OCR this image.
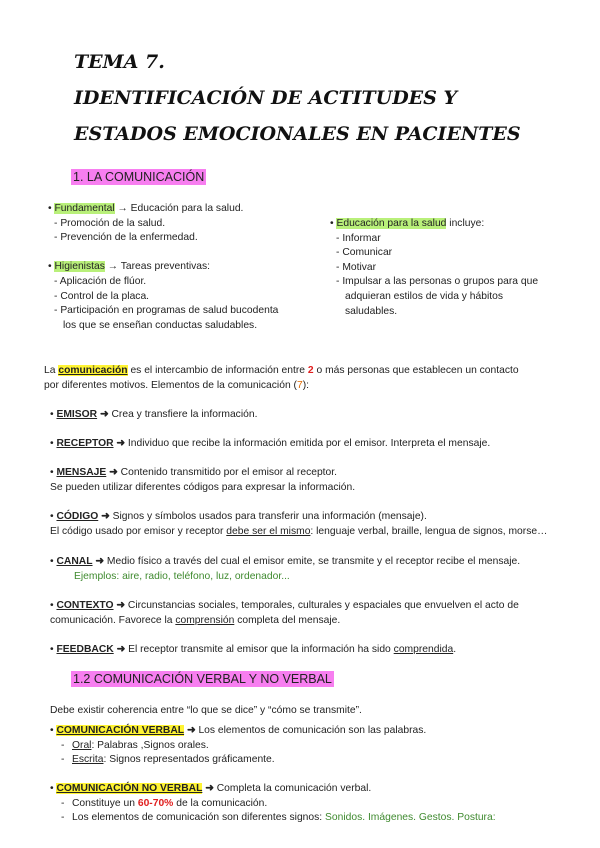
TEMA 7.
IDENTIFICACIÓN DE ACTITUDES Y
ESTADOS EMOCIONALES EN PACIENTES
1. LA COMUNICACIÓN
• Fundamental → Educación para la salud.
- Promoción de la salud.
- Prevención de la enfermedad.
• Higienistas → Tareas preventivas:
- Aplicación de flúor.
- Control de la placa.
- Participación en programas de salud bucodenta
los que se enseñan conductas saludables.
• Educación para la salud incluye:
- Informar
- Comunicar
- Motivar
- Impulsar a las personas o grupos para que
adquieran estilos de vida y hábitos
saludables.
La comunicación es el intercambio de información entre 2 o más personas que establecen un contacto
por diferentes motivos. Elementos de la comunicación (7):
• EMISOR ➜ Crea y transfiere la información.
• RECEPTOR ➜ Individuo que recibe la información emitida por el emisor. Interpreta el mensaje.
• MENSAJE ➜ Contenido transmitido por el emisor al receptor.
Se pueden utilizar diferentes códigos para expresar la información.
• CÓDIGO ➜ Signos y símbolos usados para transferir una información (mensaje).
El código usado por emisor y receptor debe ser el mismo: lenguaje verbal, braille, lengua de signos, morse…
• CANAL ➜ Medio físico a través del cual el emisor emite, se transmite y el receptor recibe el mensaje.
Ejemplos: aire, radio, teléfono, luz, ordenador...
• CONTEXTO ➜ Circunstancias sociales, temporales, culturales y espaciales que envuelven el acto de
comunicación. Favorece la comprensión completa del mensaje.
• FEEDBACK ➜ El receptor transmite al emisor que la información ha sido comprendida.
1.2 COMUNICACIÓN VERBAL Y NO VERBAL
Debe existir coherencia entre “lo que se dice” y “cómo se transmite”.
• COMUNICACIÓN VERBAL ➜ Los elementos de comunicación son las palabras.
- Oral: Palabras ,Signos orales.
- Escrita: Signos representados gráficamente.
• COMUNICACIÓN NO VERBAL ➜ Completa la comunicación verbal.
- Constituye un 60-70% de la comunicación.
- Los elementos de comunicación son diferentes signos: Sonidos. Imágenes. Gestos. Postura:
